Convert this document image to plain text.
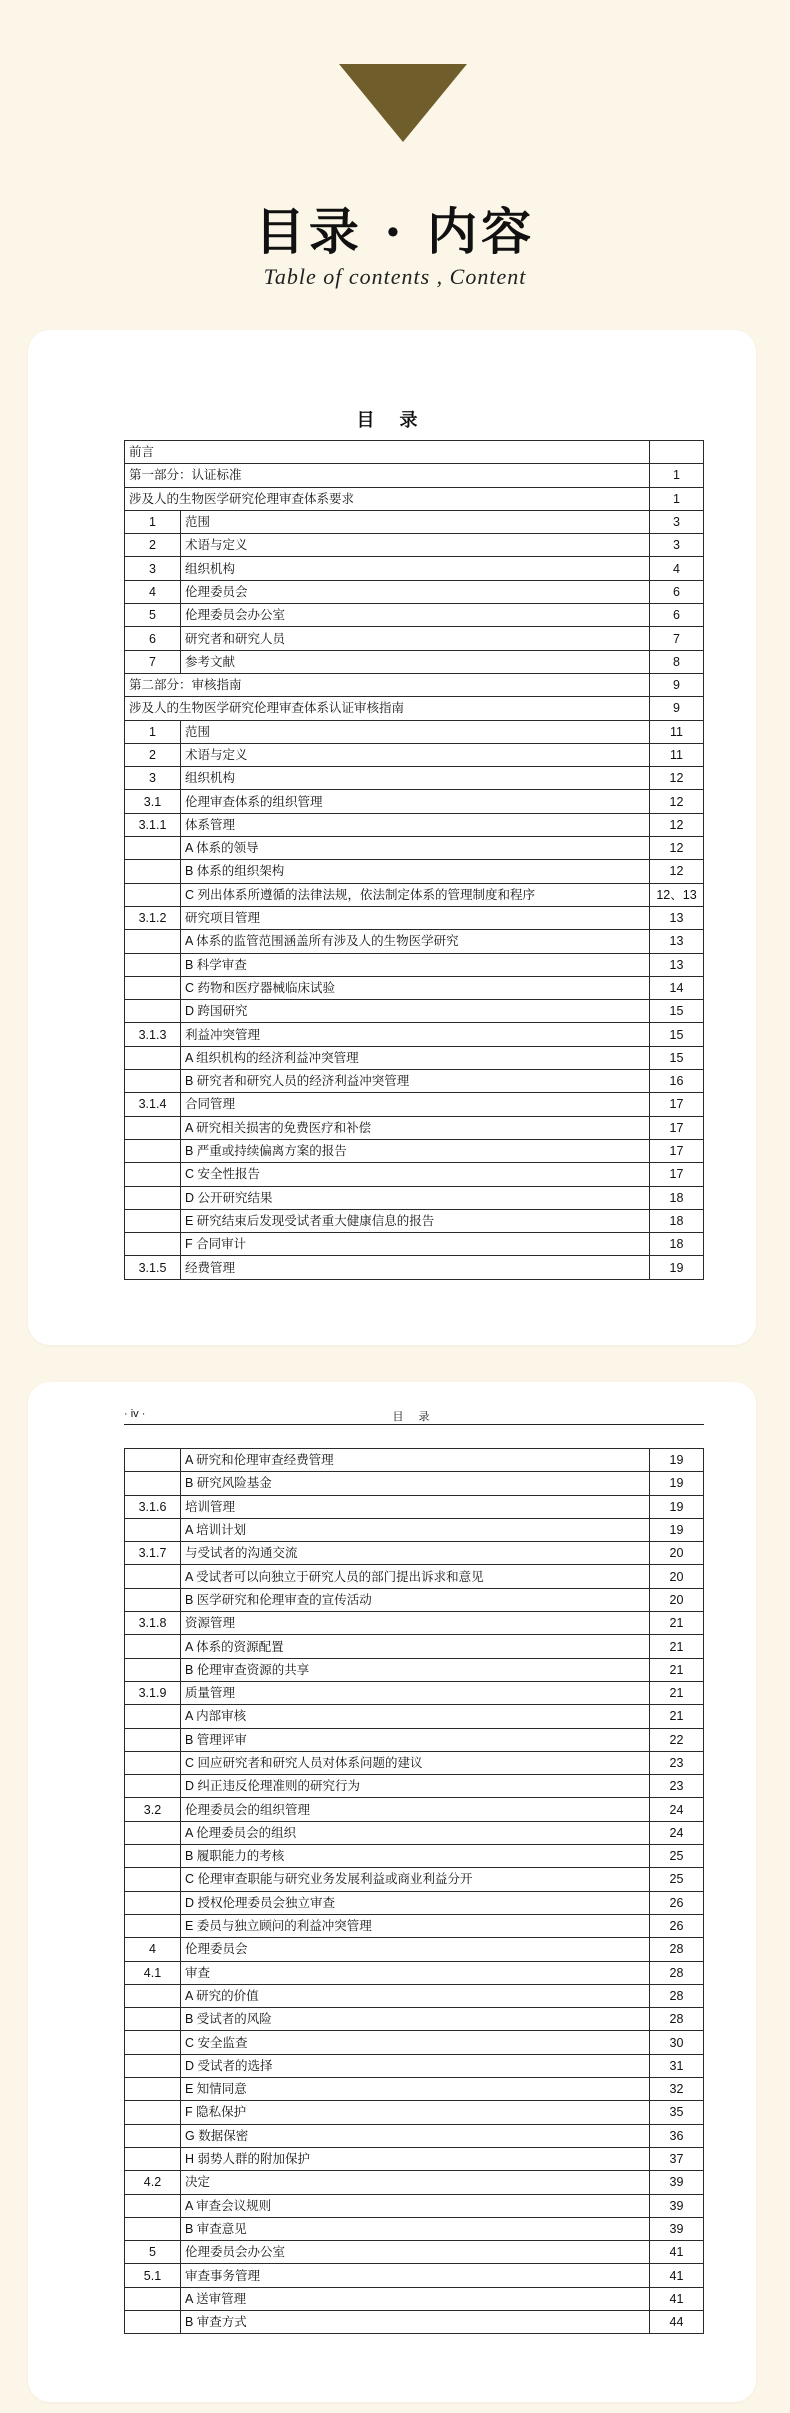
目录 · 内容
Table of contents , Content
目 录
前言		
第一部分：认证标准		1
涉及人的生物医学研究伦理审查体系要求		1
1	范围	3
2	术语与定义	3
3	组织机构	4
4	伦理委员会	6
5	伦理委员会办公室	6
6	研究者和研究人员	7
7	参考文献	8
第二部分：审核指南		9
涉及人的生物医学研究伦理审查体系认证审核指南		9
1	范围	11
2	术语与定义	11
3	组织机构	12
3.1	伦理审查体系的组织管理	12
3.1.1	体系管理	12
	A 体系的领导	12
	B 体系的组织架构	12
	C 列出体系所遵循的法律法规，依法制定体系的管理制度和程序	12、13
3.1.2	研究项目管理	13
	A 体系的监管范围涵盖所有涉及人的生物医学研究	13
	B 科学审查	13
	C 药物和医疗器械临床试验	14
	D 跨国研究	15
3.1.3	利益冲突管理	15
	A 组织机构的经济利益冲突管理	15
	B 研究者和研究人员的经济利益冲突管理	16
3.1.4	合同管理	17
	A 研究相关损害的免费医疗和补偿	17
	B 严重或持续偏离方案的报告	17
	C 安全性报告	17
	D 公开研究结果	18
	E 研究结束后发现受试者重大健康信息的报告	18
	F 合同审计	18
3.1.5	经费管理	19
· iv ·	目 录
	A 研究和伦理审查经费管理	19
	B 研究风险基金	19
3.1.6	培训管理	19
	A 培训计划	19
3.1.7	与受试者的沟通交流	20
	A 受试者可以向独立于研究人员的部门提出诉求和意见	20
	B 医学研究和伦理审查的宣传活动	20
3.1.8	资源管理	21
	A 体系的资源配置	21
	B 伦理审查资源的共享	21
3.1.9	质量管理	21
	A 内部审核	21
	B 管理评审	22
	C 回应研究者和研究人员对体系问题的建议	23
	D 纠正违反伦理准则的研究行为	23
3.2	伦理委员会的组织管理	24
	A 伦理委员会的组织	24
	B 履职能力的考核	25
	C 伦理审查职能与研究业务发展利益或商业利益分开	25
	D 授权伦理委员会独立审查	26
	E 委员与独立顾问的利益冲突管理	26
4	伦理委员会	28
4.1	审查	28
	A 研究的价值	28
	B 受试者的风险	28
	C 安全监查	30
	D 受试者的选择	31
	E 知情同意	32
	F 隐私保护	35
	G 数据保密	36
	H 弱势人群的附加保护	37
4.2	决定	39
	A 审查会议规则	39
	B 审查意见	39
5	伦理委员会办公室	41
5.1	审查事务管理	41
	A 送审管理	41
	B 审查方式	44
